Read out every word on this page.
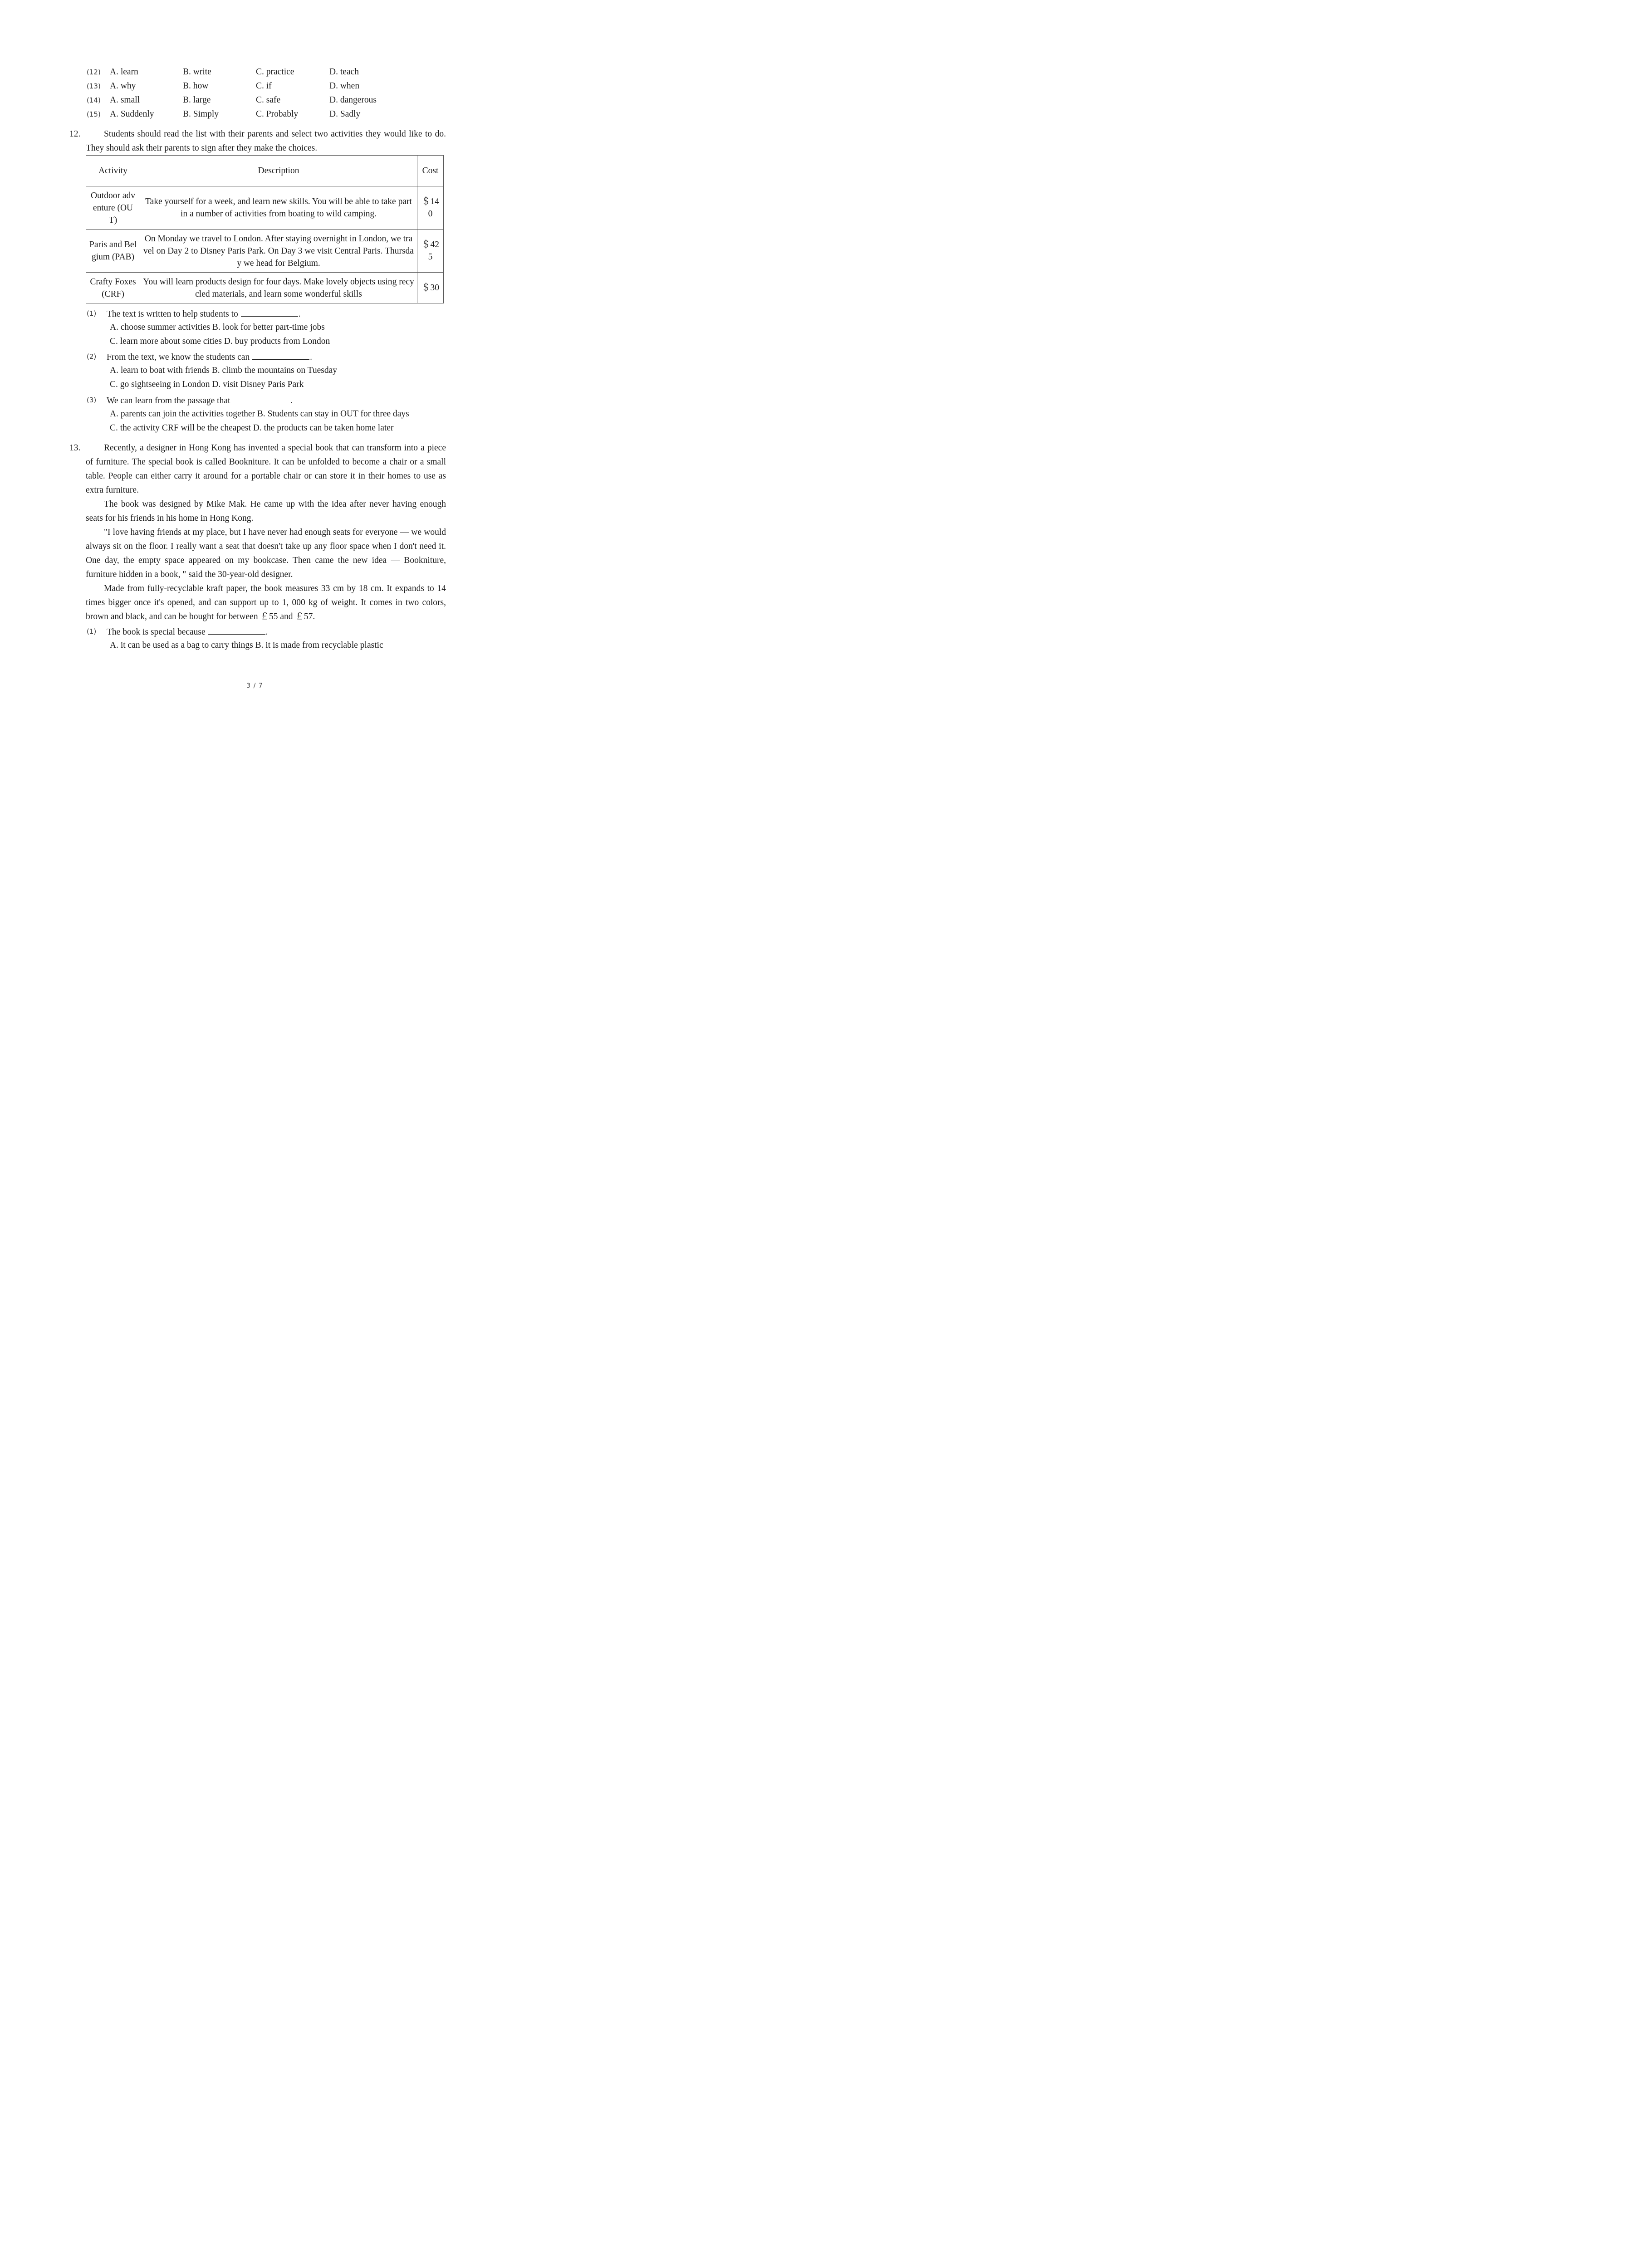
(12) A. learn	B. write	C. practice	D. teach
(13) A. why	B. how	C. if	D. when
(14) A. small	B. large	C. safe	D. dangerous
(15) A. Suddenly	B. Simply	C. Probably	D. Sadly
12.	Students should read the list with their parents and select two activities they would like to do. They should ask their parents to sign after they make the choices.

Activity	Description	Cost
Outdoor adventure (OUT)	Take yourself for a week, and learn new skills. You will be able to take part in a number of activities from boating to wild camping.	＄140
Paris and Belgium (PAB)	On Monday we travel to London. After staying overnight in London, we travel on Day 2 to Disney Paris Park. On Day 3 we visit Central Paris. Thursday we head for Belgium.	＄425
Crafty Foxes(CRF)	You will learn products design for four days. Make lovely objects using recycled materials, and learn some wonderful skills	＄30
(1) The text is written to help students to	.
A. choose summer activities B. look for better part-time jobs
C. learn more about some cities D. buy products from London
(2) From the text, we know the students can	.
A. learn to boat with friends B. climb the mountains on Tuesday
C. go sightseeing in London D. visit Disney Paris Park
(3) We can learn from the passage that	.
A. parents can join the activities together B. Students can stay in OUT for three days
C. the activity CRF will be the cheapest D. the products can be taken home later
13.	Recently, a designer in Hong Kong has invented a special book that can transform into a piece of furniture. The special book is called Bookniture. It can be unfolded to become a chair or a small table. People can either carry it around for a portable chair or can store it in their homes to use as extra furniture.

The book was designed by Mike Mak. He came up with the idea after never having enough seats for his friends in his home in Hong Kong.

"I love having friends at my place, but I have never had enough seats for everyone — we would always sit on the floor. I really want a seat that doesn't take up any floor space when I don't need it. One day, the empty space appeared on my bookcase. Then came the new idea — Bookniture, furniture hidden in a book, " said the 30-year-old designer.

Made from fully-recyclable kraft paper, the book measures 33 cm by 18 cm. It expands to 14 times bigger once it's opened, and can support up to 1, 000 kg of weight. It comes in two colors, brown and black, and can be bought for between ￡55 and ￡57.

(1) The book is special because	.
A. it can be used as a bag to carry things B. it is made from recyclable plastic
3 / 7
